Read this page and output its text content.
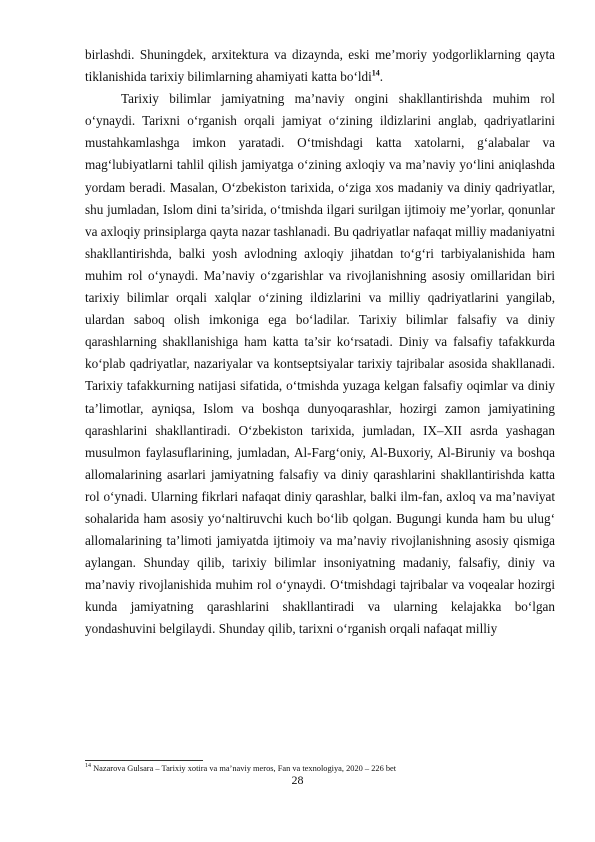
birlashdi. Shuningdek, arxitektura va dizaynda, eski me’moriy yodgorliklarning qayta tiklanishida tarixiy bilimlarning ahamiyati katta bo‘ldi$^{14}$.

Tarixiy bilimlar jamiyatning ma’naviy ongini shakllantirishda muhim rol o‘ynaydi. Tarixni o‘rganish orqali jamiyat o‘zining ildizlarini anglab, qadriyatlarini mustahkamlashga imkon yaratadi. O‘tmishdagi katta xatolarni, g‘alabalar va mag‘lubiyatlarni tahlil qilish jamiyatga o‘zining axloqiy va ma’naviy yo‘lini aniqlashda yordam beradi. Masalan, O‘zbekiston tarixida, o‘ziga xos madaniy va diniy qadriyatlar, shu jumladan, Islom dini ta’sirida, o‘tmishda ilgari surilgan ijtimoiy me’yorlar, qonunlar va axloqiy prinsiplarga qayta nazar tashlanadi. Bu qadriyatlar nafaqat milliy madaniyatni shakllantirishda, balki yosh avlodning axloqiy jihatdan to‘g‘ri tarbiyalanishida ham muhim rol o‘ynaydi. Ma’naviy o‘zgarishlar va rivojlanishning asosiy omillaridan biri tarixiy bilimlar orqali xalqlar o‘zining ildizlarini va milliy qadriyatlarini yangilab, ulardan saboq olish imkoniga ega bo‘ladilar. Tarixiy bilimlar falsafiy va diniy qarashlarning shakllanishiga ham katta ta’sir ko‘rsatadi. Diniy va falsafiy tafakkurda ko‘plab qadriyatlar, nazariyalar va kontseptsiyalar tarixiy tajribalar asosida shakllanadi. Tarixiy tafakkurning natijasi sifatida, o‘tmishda yuzaga kelgan falsafiy oqimlar va diniy ta’limotlar, ayniqsa, Islom va boshqa dunyoqarashlar, hozirgi zamon jamiyatining qarashlarini shakllantiradi. O‘zbekiston tarixida, jumladan, IX–XII asrda yashagan musulmon faylasuflarining, jumladan, Al-Farg‘oniy, Al-Buxoriy, Al-Biruniy va boshqa allomalarining asarlari jamiyatning falsafiy va diniy qarashlarini shakllantirishda katta rol o‘ynadi. Ularning fikrlari nafaqat diniy qarashlar, balki ilm-fan, axloq va ma’naviyat sohalarida ham asosiy yo‘naltiruvchi kuch bo‘lib qolgan. Bugungi kunda ham bu ulug‘ allomalarining ta’limoti jamiyatda ijtimoiy va ma’naviy rivojlanishning asosiy qismiga aylangan. Shunday qilib, tarixiy bilimlar insoniyatning madaniy, falsafiy, diniy va ma’naviy rivojlanishida muhim rol o‘ynaydi. O‘tmishdagi tajribalar va voqealar hozirgi kunda jamiyatning qarashlarini shakllantiradi va ularning kelajakka bo‘lgan yondashuvini belgilaydi. Shunday qilib, tarixni o‘rganish orqali nafaqat milliy

$^{14}$ Nazarova Gulsara – Tarixiy xotira va ma’naviy meros, Fan va texnologiya, 2020 – 226 bet
28
